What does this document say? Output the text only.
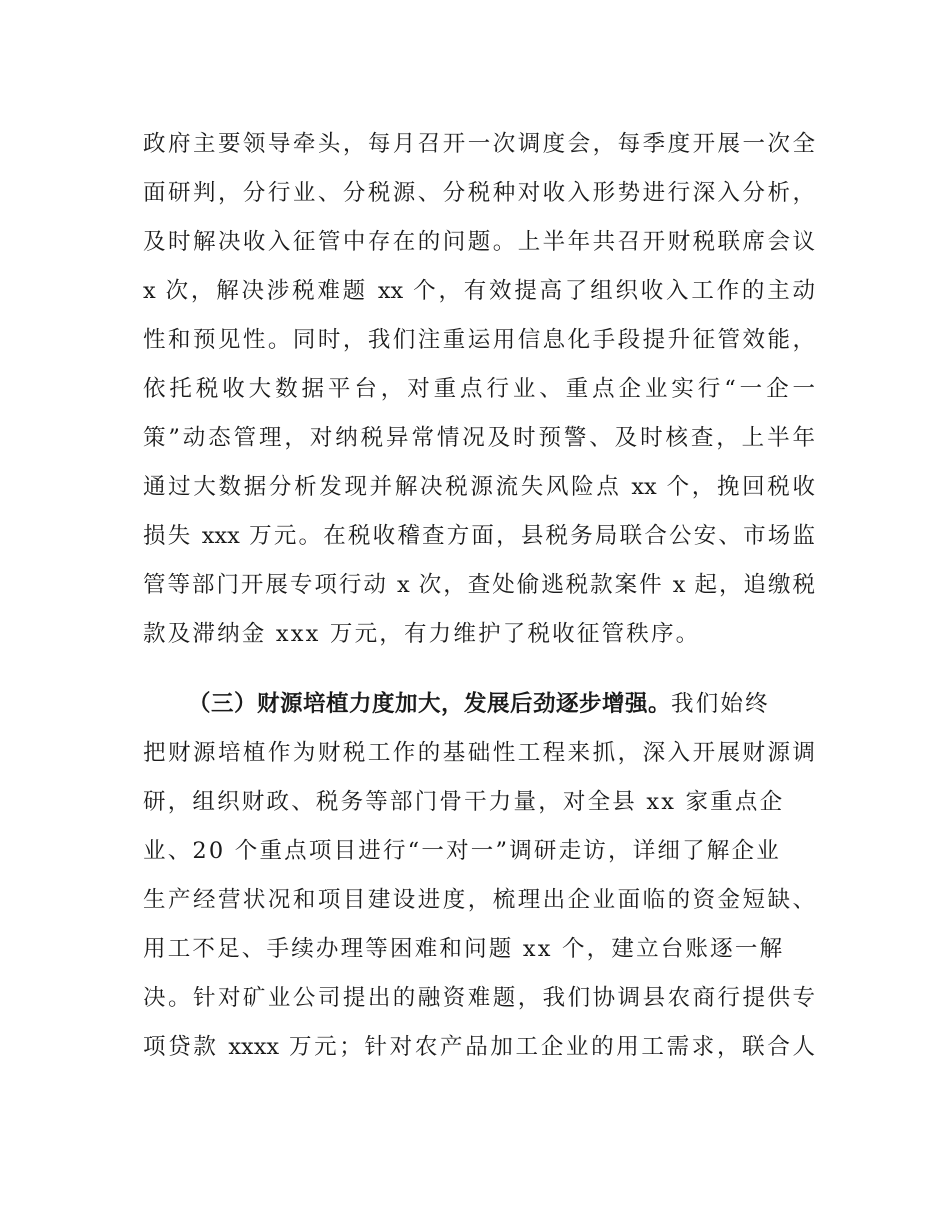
政府主要领导牵头，每月召开一次调度会，每季度开展一次全
面研判，分行业、分税源、分税种对收入形势进行深入分析，
及时解决收入征管中存在的问题。上半年共召开财税联席会议
x 次，解决涉税难题 xx 个，有效提高了组织收入工作的主动
性和预见性。同时，我们注重运用信息化手段提升征管效能，
依托税收大数据平台，对重点行业、重点企业实行“一企一
策”动态管理，对纳税异常情况及时预警、及时核查，上半年
通过大数据分析发现并解决税源流失风险点 xx 个，挽回税收
损失 xxx 万元。在税收稽查方面，县税务局联合公安、市场监
管等部门开展专项行动 x 次，查处偷逃税款案件 x 起，追缴税
款及滞纳金 xxx 万元，有力维护了税收征管秩序。
（三）财源培植力度加大，发展后劲逐步增强。我们始终
把财源培植作为财税工作的基础性工程来抓，深入开展财源调
研，组织财政、税务等部门骨干力量，对全县 xx 家重点企
业、20 个重点项目进行“一对一”调研走访，详细了解企业
生产经营状况和项目建设进度，梳理出企业面临的资金短缺、
用工不足、手续办理等困难和问题 xx 个，建立台账逐一解
决。针对矿业公司提出的融资难题，我们协调县农商行提供专
项贷款 xxxx 万元；针对农产品加工企业的用工需求，联合人
